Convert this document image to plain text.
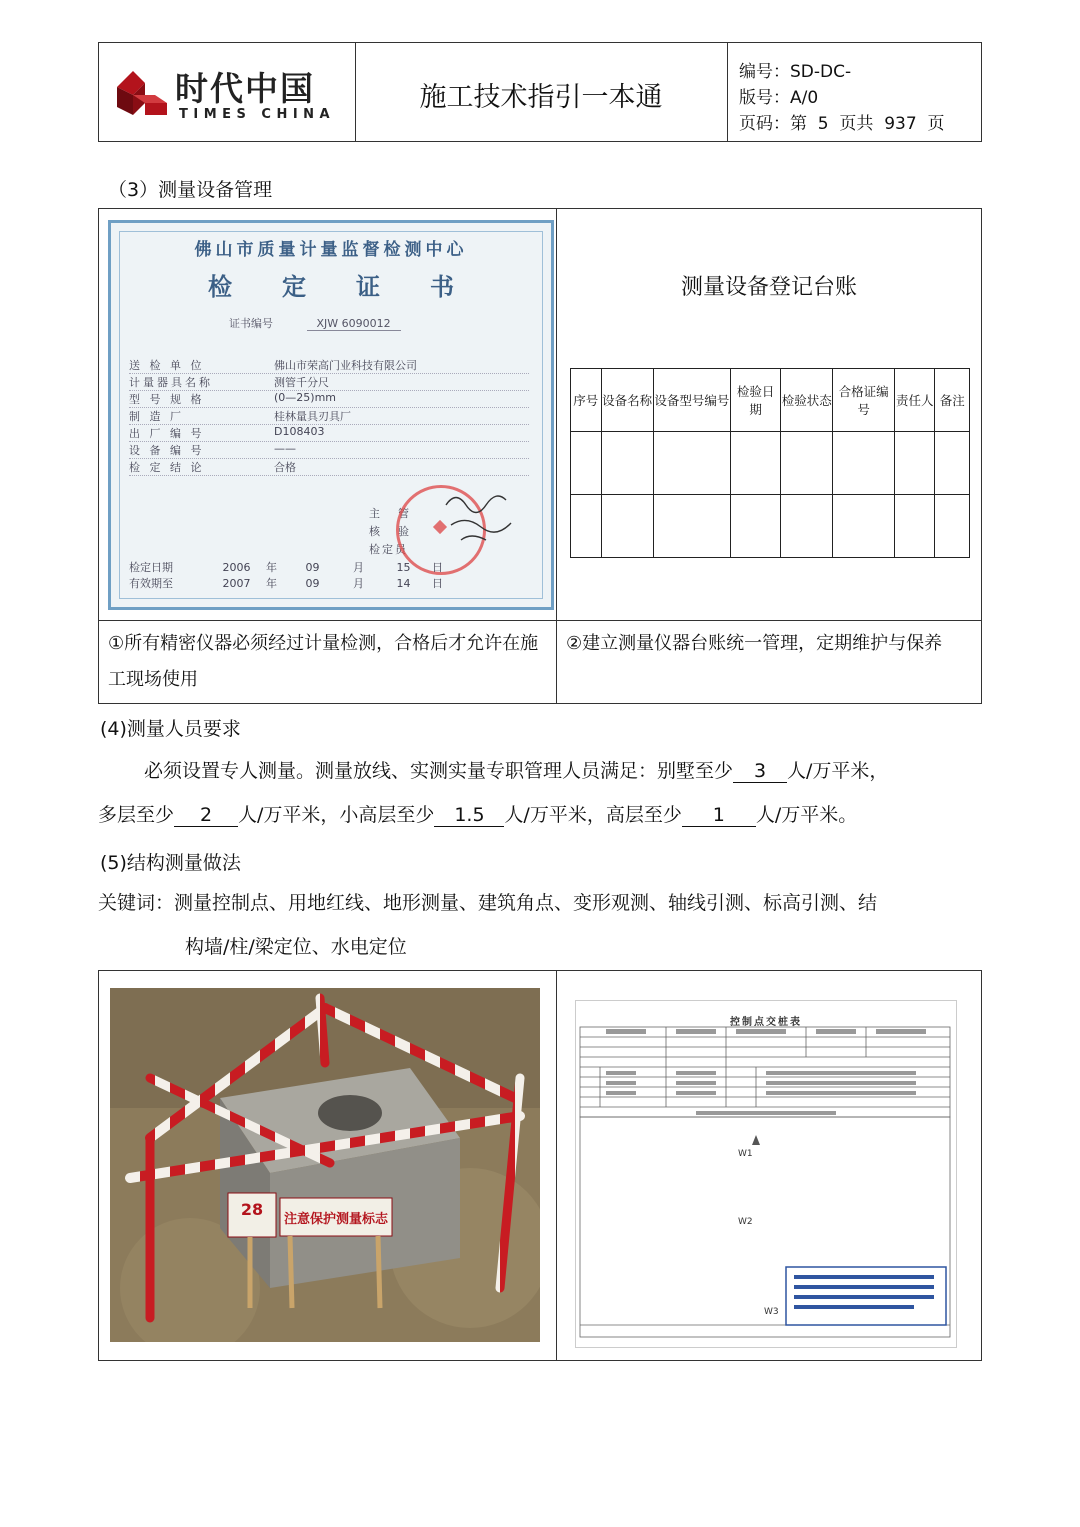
时代中国
TIMES CHINA
施工技术指引一本通
编号：SD-DC-
版号：A/0
页码：第  5  页共  937  页
（3）测量设备管理
佛山市质量计量监督检测中心
检定证书
证书编号	XJW 6090012
送 检 单 位	佛山市荣高门业科技有限公司
计量器具名称	测管千分尺
型 号 规 格	(0—25)mm
制 造 厂	桂林量具刃具厂
出 厂 编 号	D108403
设 备 编 号	——
检 定 结 论	合格
主管
核验
检定员
检定日期	2006 年	09	月	15 日
有效期至	2007 年	09	月	14 日
测量设备登记台账
序号	设备名称	设备型号编号	检验日期	检验状态	合格证编号	责任人	备注

①所有精密仪器必须经过计量检测，合格后才允许在施工现场使用
②建立测量仪器台账统一管理，定期维护与保养
(4)测量人员要求
必须设置专人测量。测量放线、实测实量专职管理人员满足：别墅至少 3 人/万平米，
多层至少 2 人/万平米，小高层至少 1.5 人/万平米，高层至少 1 人/万平米。
(5)结构测量做法
关键词：测量控制点、用地红线、地形测量、建筑角点、变形观测、轴线引测、标高引测、结
构墙/柱/梁定位、水电定位
28
注意保护测量标志
控制点交桩表
W1
W2
W3
